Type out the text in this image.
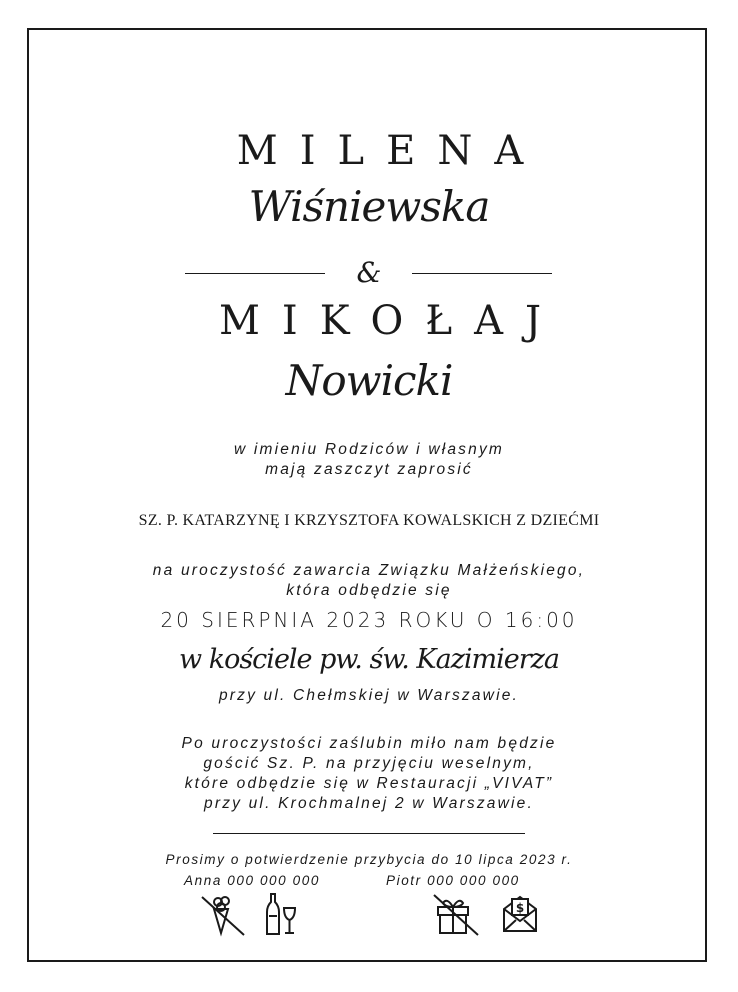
MILENA
Wiśniewska
&
MIKOŁAJ
Nowicki
w imieniu Rodziców i własnym
mają zaszczyt zaprosić
SZ. P. KATARZYNĘ I KRZYSZTOFA KOWALSKICH Z DZIEĆMI
na uroczystość zawarcia Związku Małżeńskiego,
która odbędzie się
20 SIERPNIA 2023 ROKU O 16:00
w kościele pw. św. Kazimierza
przy ul. Chełmskiej w Warszawie.
Po uroczystości zaślubin miło nam będzie
gościć Sz. P. na przyjęciu weselnym,
które odbędzie się w Restauracji „VIVAT”
przy ul. Krochmalnej 2 w Warszawie.
Prosimy o potwierdzenie przybycia do 10 lipca 2023 r.
Anna 000 000 000	Piotr 000 000 000
$
